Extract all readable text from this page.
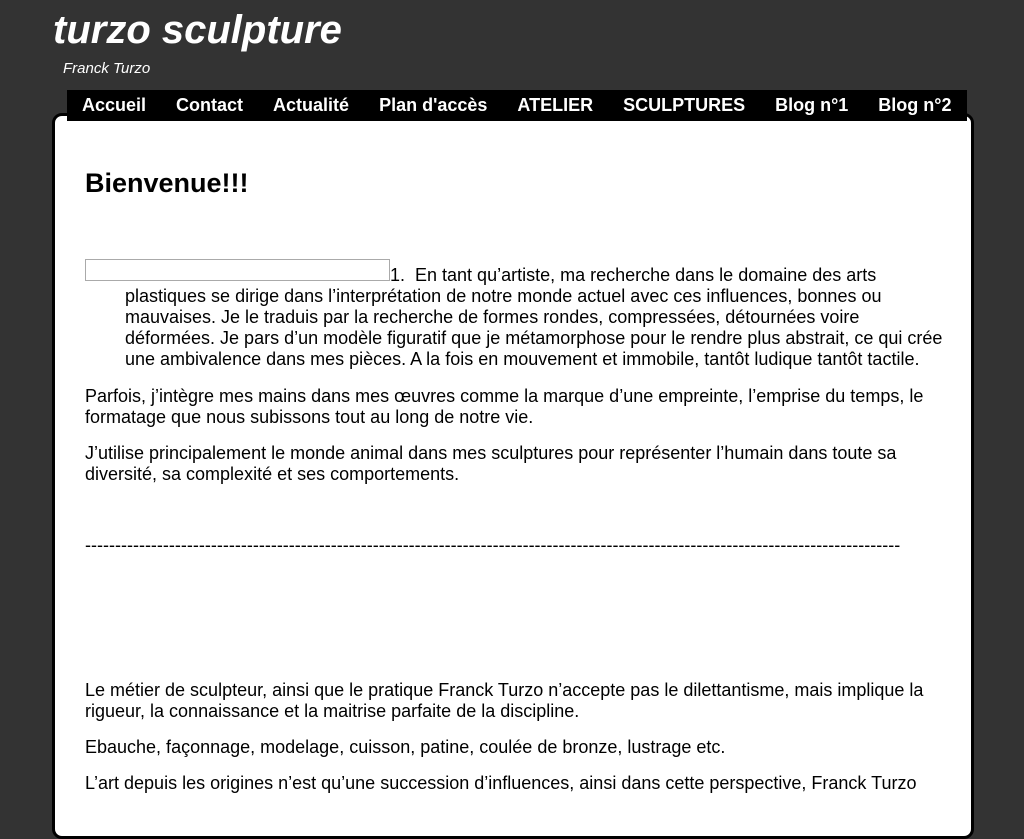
turzo sculpture
Franck Turzo
Accueil	Contact	Actualité	Plan d'accès	ATELIER	SCULPTURES	Blog n°1	Blog n°2
Bienvenue!!!
1. En tant qu’artiste, ma recherche dans le domaine des arts plastiques se dirige dans l’interprétation de notre monde actuel avec ces influences, bonnes ou mauvaises. Je le traduis par la recherche de formes rondes, compressées, détournées voire déformées. Je pars d’un modèle figuratif que je métamorphose pour le rendre plus abstrait, ce qui crée une ambivalence dans mes pièces. A la fois en mouvement et immobile, tantôt ludique tantôt tactile.

Parfois, j’intègre mes mains dans mes œuvres comme la marque d’une empreinte, l’emprise du temps, le formatage que nous subissons tout au long de notre vie.

J’utilise principalement le monde animal dans mes sculptures pour représenter l’humain dans toute sa diversité, sa complexité et ses comportements.

----------------------------------------------------------------------------------------------------------------------------------------

Le métier de sculpteur, ainsi que le pratique Franck Turzo n’accepte pas le dilettantisme, mais implique la rigueur, la connaissance et la maitrise parfaite de la discipline.

Ebauche, façonnage, modelage, cuisson, patine, coulée de bronze, lustrage etc.

L’art depuis les origines n’est qu’une succession d’influences, ainsi dans cette perspective, Franck Turzo
